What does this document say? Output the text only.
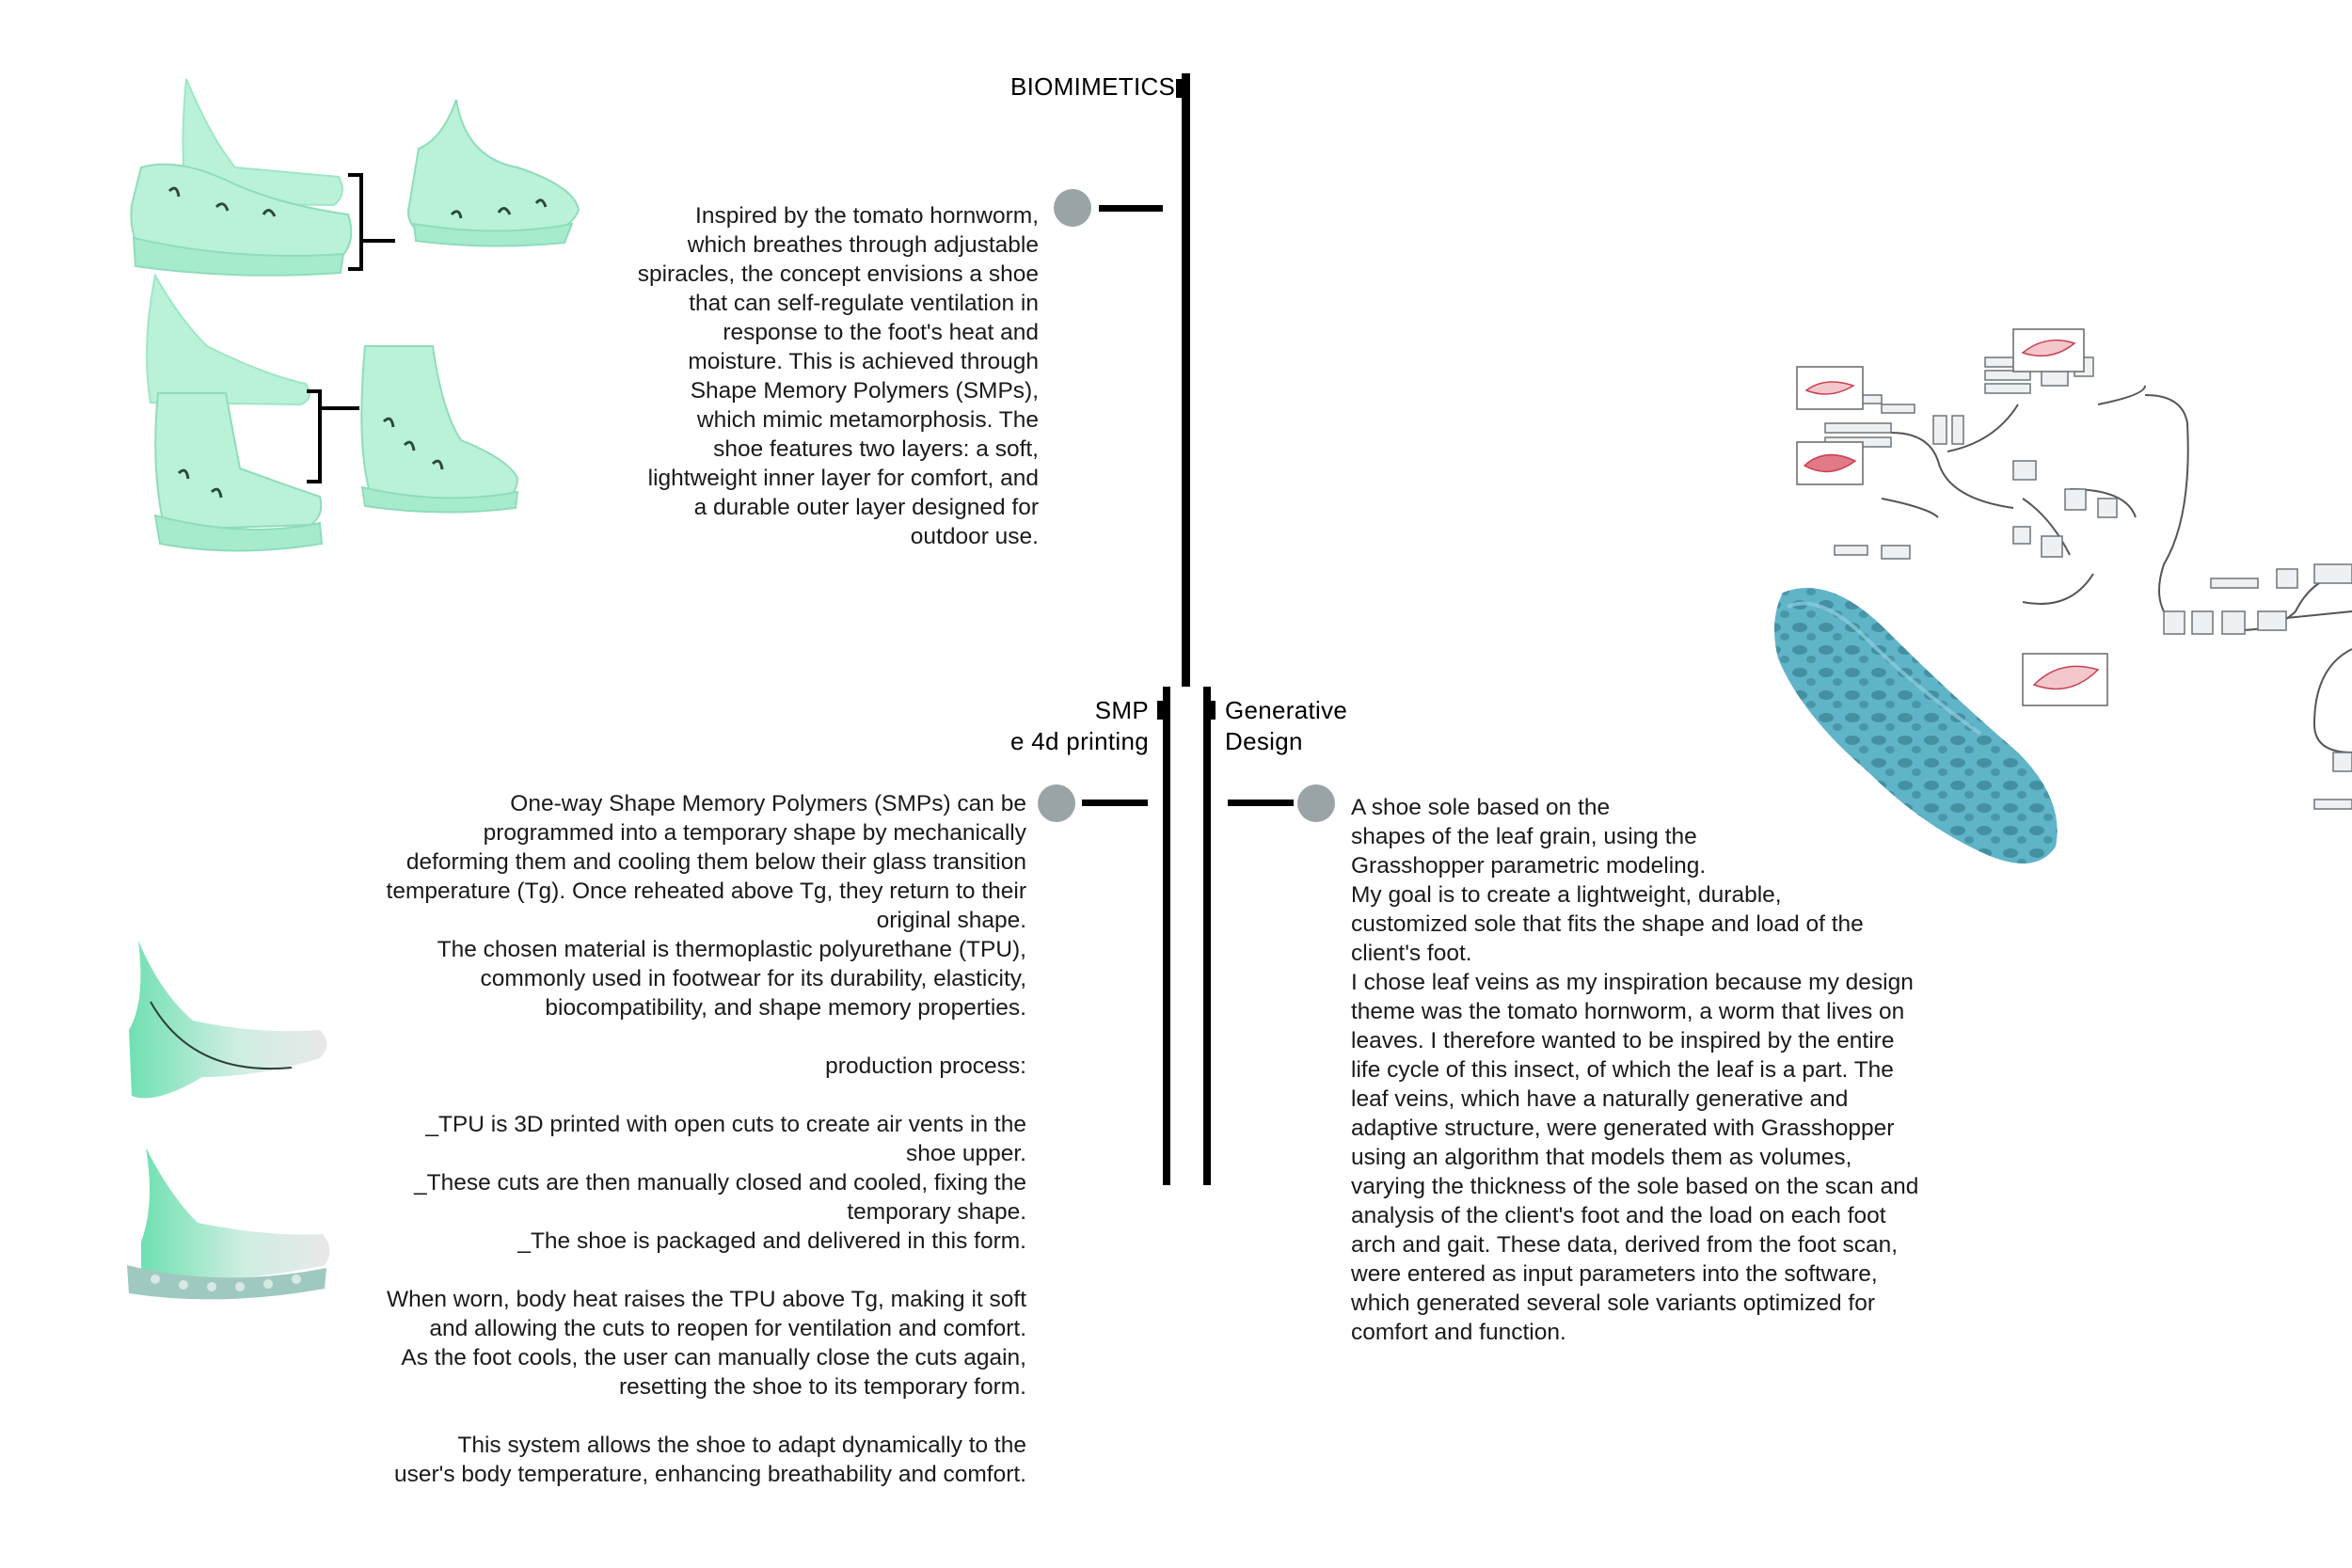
BIOMIMETICS
SMP
e 4d printing
Generative
Design
Inspired by the tomato hornworm,
which breathes through adjustable
spiracles, the concept envisions a shoe
that can self-regulate ventilation in
response to the foot's heat and
moisture. This is achieved through
Shape Memory Polymers (SMPs),
which mimic metamorphosis. The
shoe features two layers: a soft,
lightweight inner layer for comfort, and
a durable outer layer designed for
outdoor use.
One-way Shape Memory Polymers (SMPs) can be
programmed into a temporary shape by mechanically
deforming them and cooling them below their glass transition
temperature (Tg). Once reheated above Tg, they return to their
original shape.
The chosen material is thermoplastic polyurethane (TPU),
commonly used in footwear for its durability, elasticity,
biocompatibility, and shape memory properties.

production process:

_TPU is 3D printed with open cuts to create air vents in the
shoe upper.
_These cuts are then manually closed and cooled, fixing the
temporary shape.
_The shoe is packaged and delivered in this form.

When worn, body heat raises the TPU above Tg, making it soft
and allowing the cuts to reopen for ventilation and comfort.
As the foot cools, the user can manually close the cuts again,
resetting the shoe to its temporary form.

This system allows the shoe to adapt dynamically to the
user's body temperature, enhancing breathability and comfort.
A shoe sole based on the
shapes of the leaf grain, using the
Grasshopper parametric modeling.
My goal is to create a lightweight, durable,
customized sole that fits the shape and load of the
client's foot.
I chose leaf veins as my inspiration because my design
theme was the tomato hornworm, a worm that lives on
leaves. I therefore wanted to be inspired by the entire
life cycle of this insect, of which the leaf is a part. The
leaf veins, which have a naturally generative and
adaptive structure, were generated with Grasshopper
using an algorithm that models them as volumes,
varying the thickness of the sole based on the scan and
analysis of the client's foot and the load on each foot
arch and gait. These data, derived from the foot scan,
were entered as input parameters into the software,
which generated several sole variants optimized for
comfort and function.
